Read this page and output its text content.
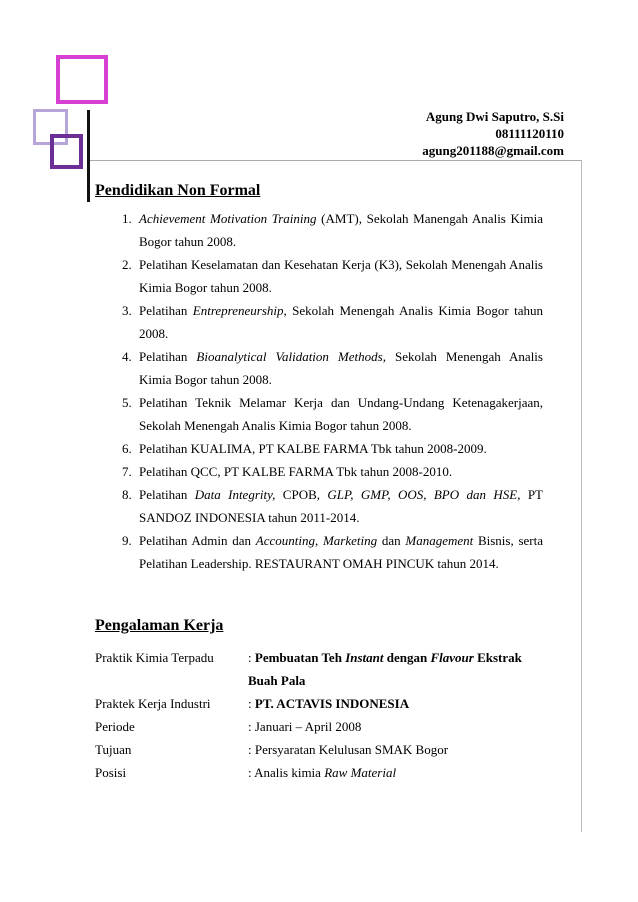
Agung Dwi Saputro, S.Si
08111120110
agung201188@gmail.com
Pendidikan Non Formal
1. Achievement Motivation Training (AMT), Sekolah Manengah Analis Kimia Bogor tahun 2008.
2. Pelatihan Keselamatan dan Kesehatan Kerja (K3), Sekolah Menengah Analis Kimia Bogor tahun 2008.
3. Pelatihan Entrepreneurship, Sekolah Menengah Analis Kimia Bogor tahun 2008.
4. Pelatihan Bioanalytical Validation Methods, Sekolah Menengah Analis Kimia Bogor tahun 2008.
5. Pelatihan Teknik Melamar Kerja dan Undang-Undang Ketenagakerjaan, Sekolah Menengah Analis Kimia Bogor tahun 2008.
6. Pelatihan KUALIMA, PT KALBE FARMA Tbk tahun 2008-2009.
7. Pelatihan QCC, PT KALBE FARMA Tbk tahun 2008-2010.
8. Pelatihan Data Integrity, CPOB, GLP, GMP, OOS, BPO dan HSE, PT SANDOZ INDONESIA tahun 2011-2014.
9. Pelatihan Admin dan Accounting, Marketing dan Management Bisnis, serta Pelatihan Leadership. RESTAURANT OMAH PINCUK tahun 2014.
Pengalaman Kerja
Praktik Kimia Terpadu	: Pembuatan Teh Instant dengan Flavour Ekstrak Buah Pala
Praktek Kerja Industri	: PT. ACTAVIS INDONESIA
Periode	: Januari – April 2008
Tujuan	: Persyaratan Kelulusan SMAK Bogor
Posisi	: Analis kimia Raw Material
